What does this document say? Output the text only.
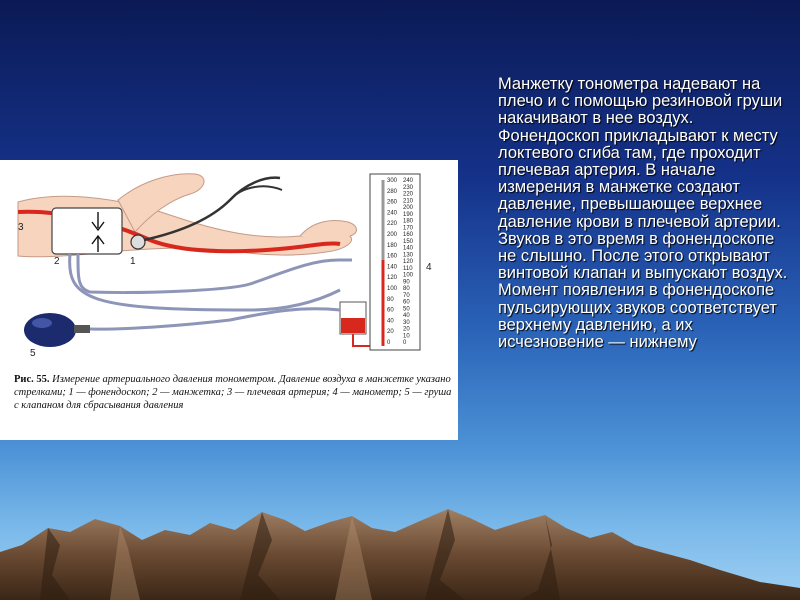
Манжетку тонометра надевают на плечо и с помощью резиновой груши накачивают в нее воздух. Фонендоскоп прикладывают к месту локтевого сгиба там, где проходит плечевая артерия. В начале измерения в манжетке создают давление, превышающее верхнее давление крови в плечевой артерии. Звуков в это время в фонендоскопе не слышно. После этого открывают винтовой клапан и выпускают воздух. Момент появления в фонендоскопе пульсирующих звуков соответствует верхнему давлению, а их исчезновение — нижнему
300
280
260
240
220
200
180
160
140
120
100
80
60
40
20
0
240
230
220
210
200
190
180
170
160
150
140
130
120
110
100
90
80
70
60
50
40
30
20
10
0
3
2	1
4
5
Рис. 55. Измерение артериального давления тонометром. Давление воздуха в манжетке указано стрелками; 1 — фонендоскоп; 2 — манжетка; 3 — плечевая артерия; 4 — манометр; 5 — груша с клапаном для сбрасывания давления
